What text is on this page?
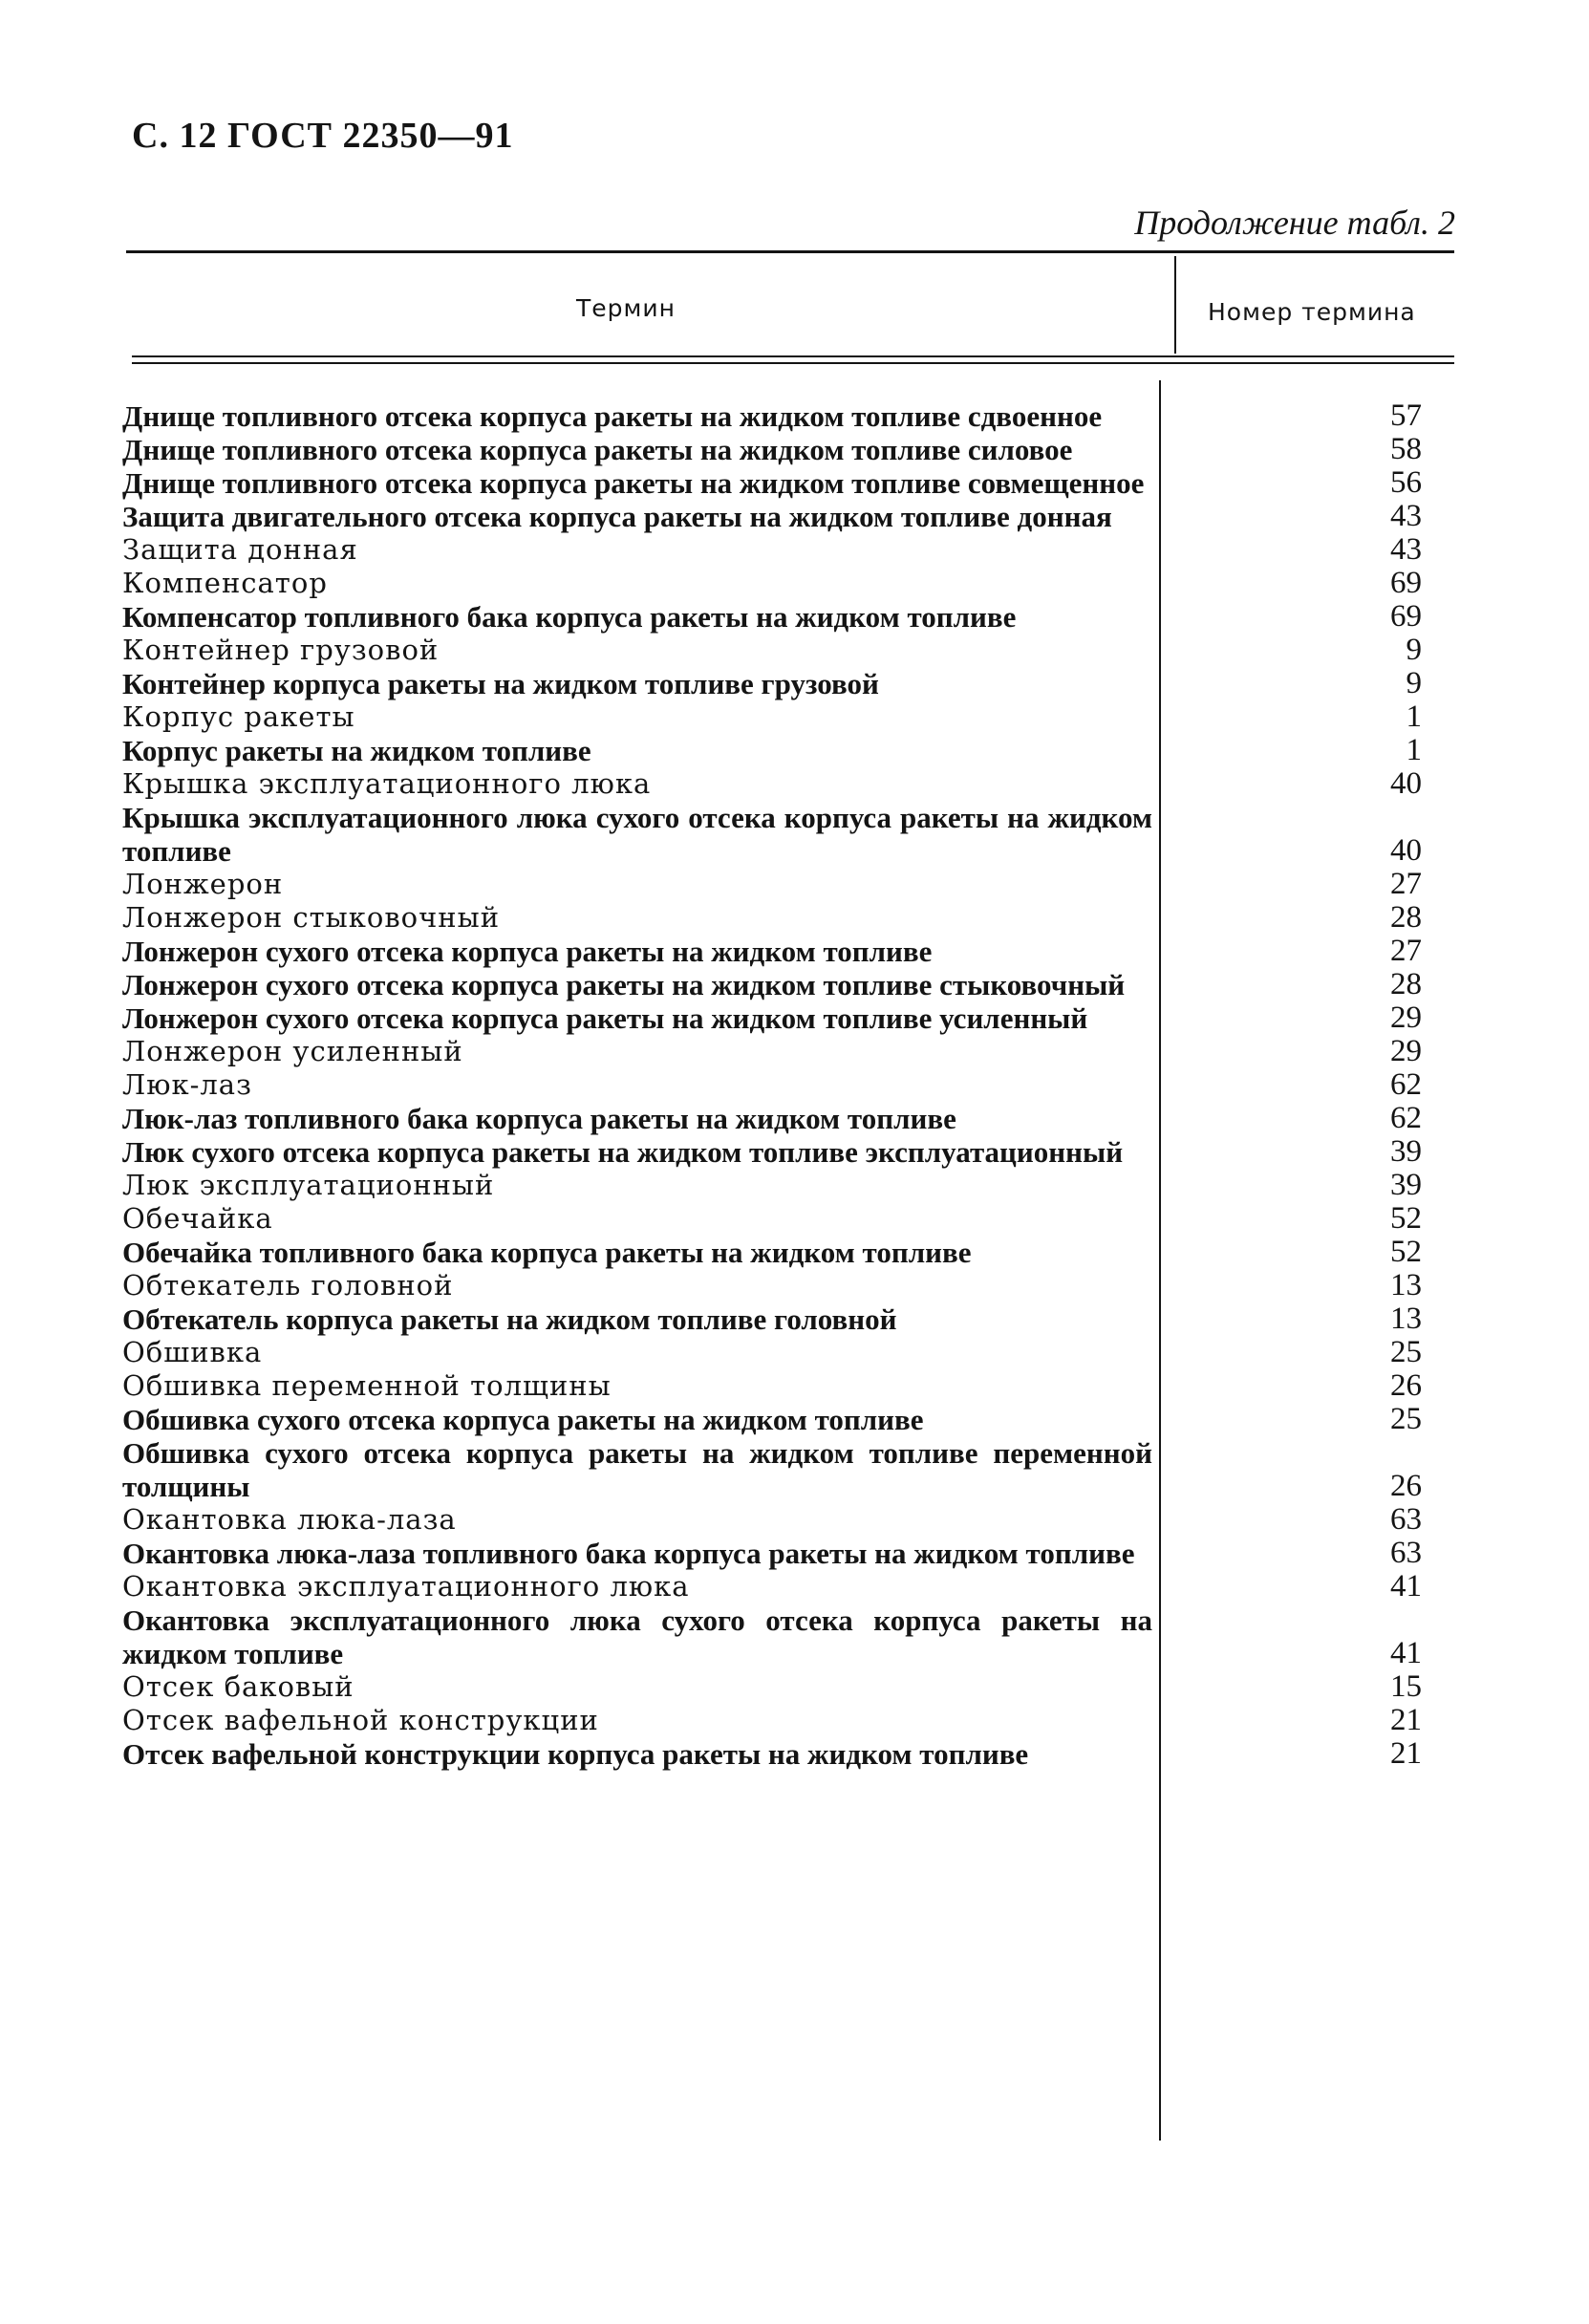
С. 12 ГОСТ 22350—91
Продолжение табл. 2
Термин	Номер термина
Днище топливного отсека корпуса ракеты на жидком топливе сдвоенное	57
Днище топливного отсека корпуса ракеты на жидком топливе силовое	58
Днище топливного отсека корпуса ракеты на жидком топливе совмещенное	56
Защита двигательного отсека корпуса ракеты на жидком топливе донная	43
Защита донная	43
Компенсатор	69
Компенсатор топливного бака корпуса ракеты на жидком топливе	69
Контейнер грузовой	9
Контейнер корпуса ракеты на жидком топливе грузовой	9
Корпус ракеты	1
Корпус ракеты на жидком топливе	1
Крышка эксплуатационного люка	40
Крышка эксплуатационного люка сухого отсека корпуса ракеты на жидком топливе	40
Лонжерон	27
Лонжерон стыковочный	28
Лонжерон сухого отсека корпуса ракеты на жидком топливе	27
Лонжерон сухого отсека корпуса ракеты на жидком топливе стыковочный	28
Лонжерон сухого отсека корпуса ракеты на жидком топливе усиленный	29
Лонжерон усиленный	29
Люк-лаз	62
Люк-лаз топливного бака корпуса ракеты на жидком топливе	62
Люк сухого отсека корпуса ракеты на жидком топливе эксплуатационный	39
Люк эксплуатационный	39
Обечайка	52
Обечайка топливного бака корпуса ракеты на жидком топливе	52
Обтекатель головной	13
Обтекатель корпуса ракеты на жидком топливе головной	13
Обшивка	25
Обшивка переменной толщины	26
Обшивка сухого отсека корпуса ракеты на жидком топливе	25
Обшивка сухого отсека корпуса ракеты на жидком топливе переменной толщины	26
Окантовка люка-лаза	63
Окантовка люка-лаза топливного бака корпуса ракеты на жидком топливе	63
Окантовка эксплуатационного люка	41
Окантовка эксплуатационного люка сухого отсека корпуса ракеты на жидком топливе	41
Отсек баковый	15
Отсек вафельной конструкции	21
Отсек вафельной конструкции корпуса ракеты на жидком топливе	21
